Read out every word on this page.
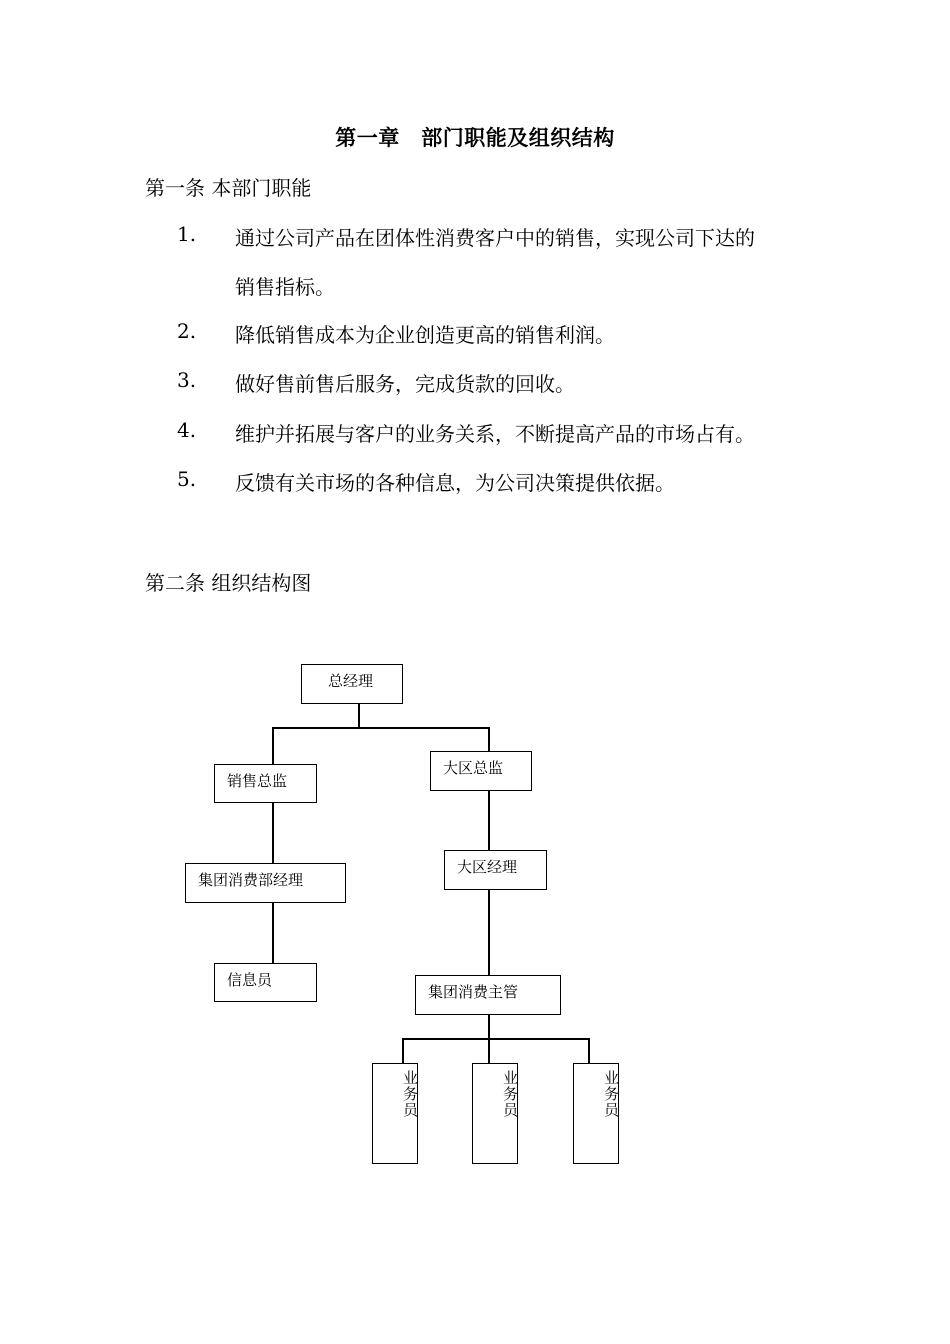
第一章　部门职能及组织结构
第一条 本部门职能
1. 通过公司产品在团体性消费客户中的销售，实现公司下达的
销售指标。
2. 降低销售成本为企业创造更高的销售利润。
3. 做好售前售后服务，完成货款的回收。
4. 维护并拓展与客户的业务关系，不断提高产品的市场占有。
5. 反馈有关市场的各种信息，为公司决策提供依据。
第二条 组织结构图
总经理
销售总监
大区总监
集团消费部经理
大区经理
信息员
集团消费主管
业务员	业务员	业务员
